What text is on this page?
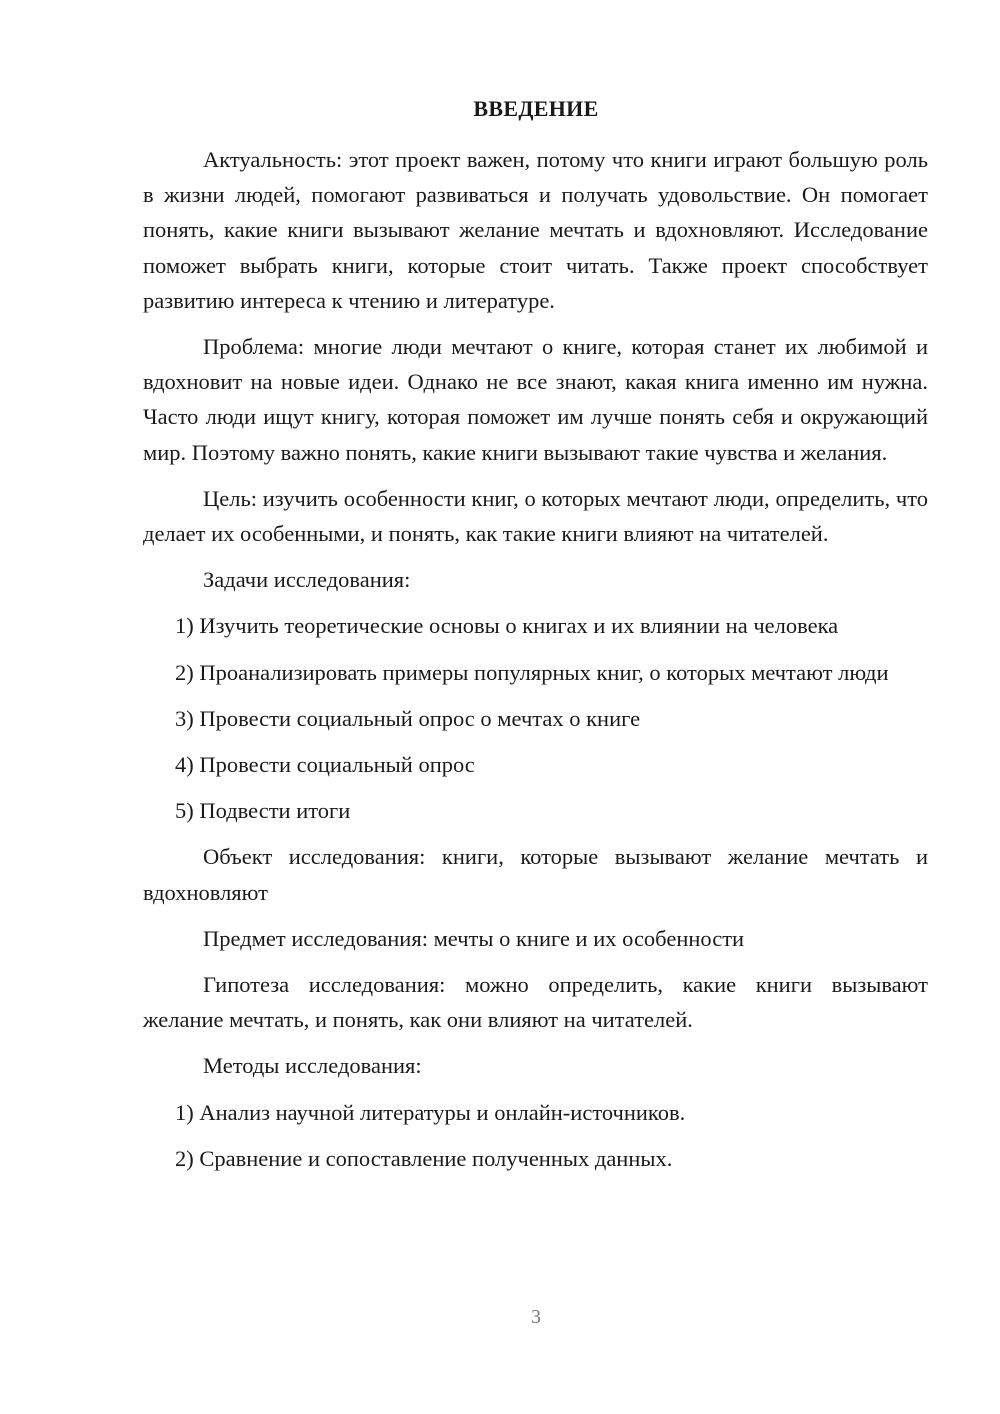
ВВЕДЕНИЕ

Актуальность: этот проект важен, потому что книги играют большую роль в жизни людей, помогают развиваться и получать удовольствие. Он помогает понять, какие книги вызывают желание мечтать и вдохновляют. Исследование поможет выбрать книги, которые стоит читать. Также проект способствует развитию интереса к чтению и литературе.

Проблема: многие люди мечтают о книге, которая станет их любимой и вдохновит на новые идеи. Однако не все знают, какая книга именно им нужна. Часто люди ищут книгу, которая поможет им лучше понять себя и окружающий мир. Поэтому важно понять, какие книги вызывают такие чувства и желания.

Цель: изучить особенности книг, о которых мечтают люди, определить, что делает их особенными, и понять, как такие книги влияют на читателей.

Задачи исследования:

1) Изучить теоретические основы о книгах и их влиянии на человека

2) Проанализировать примеры популярных книг, о которых мечтают люди

3) Провести социальный опрос о мечтах о книге

4) Провести социальный опрос

5) Подвести итоги

Объект исследования: книги, которые вызывают желание мечтать и вдохновляют

Предмет исследования: мечты о книге и их особенности

Гипотеза исследования: можно определить, какие книги вызывают желание мечтать, и понять, как они влияют на читателей.

Методы исследования:

1) Анализ научной литературы и онлайн-источников.

2) Сравнение и сопоставление полученных данных.

3
